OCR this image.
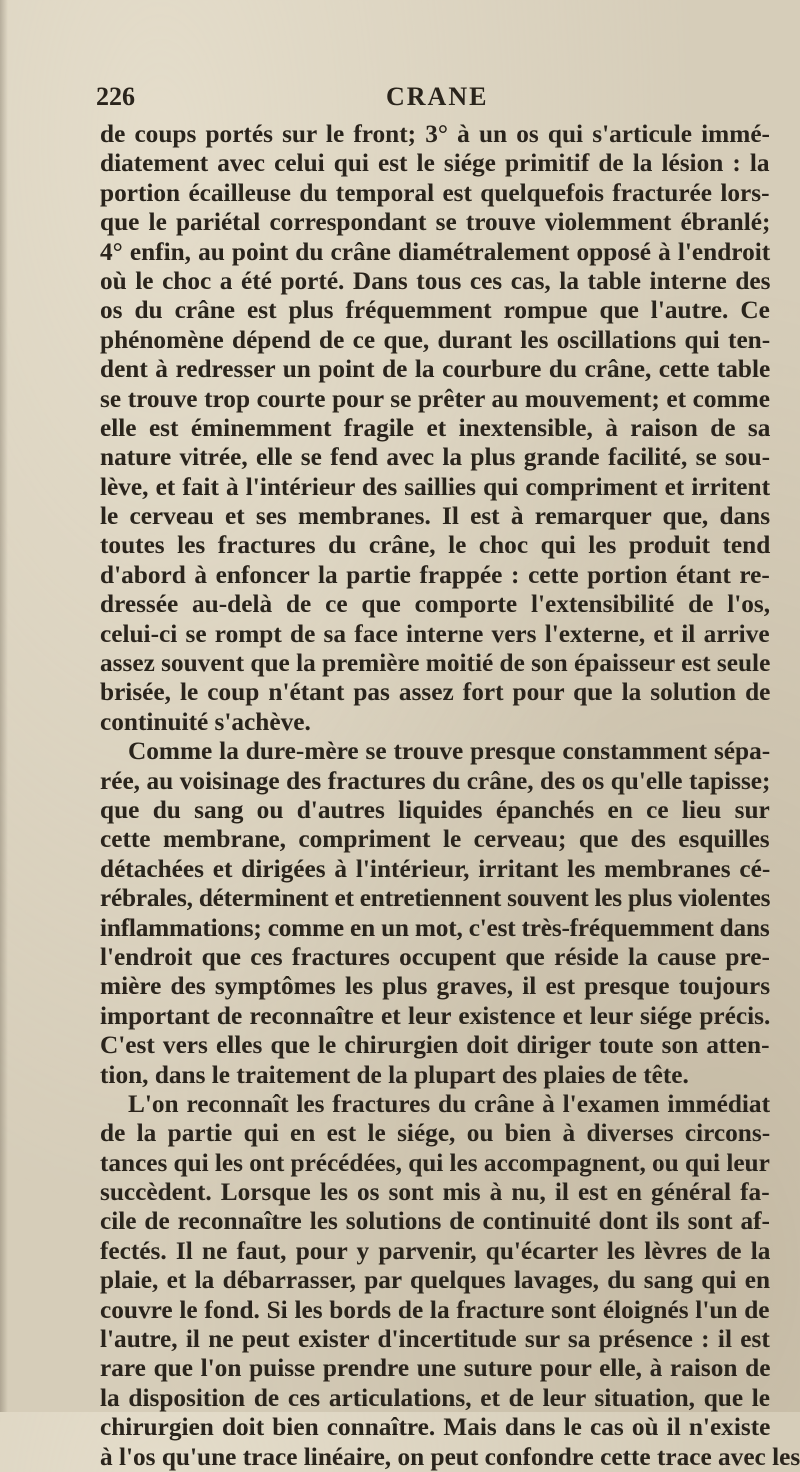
226	CRANE
de coups portés sur le front; 3° à un os qui s'articule immé-
diatement avec celui qui est le siége primitif de la lésion : la
portion écailleuse du temporal est quelquefois fracturée lors-
que le pariétal correspondant se trouve violemment ébranlé;
4° enfin, au point du crâne diamétralement opposé à l'endroit
où le choc a été porté. Dans tous ces cas, la table interne des
os du crâne est plus fréquemment rompue que l'autre. Ce
phénomène dépend de ce que, durant les oscillations qui ten-
dent à redresser un point de la courbure du crâne, cette table
se trouve trop courte pour se prêter au mouvement; et comme
elle est éminemment fragile et inextensible, à raison de sa
nature vitrée, elle se fend avec la plus grande facilité, se sou-
lève, et fait à l'intérieur des saillies qui compriment et irritent
le cerveau et ses membranes. Il est à remarquer que, dans
toutes les fractures du crâne, le choc qui les produit tend
d'abord à enfoncer la partie frappée : cette portion étant re-
dressée au-delà de ce que comporte l'extensibilité de l'os,
celui-ci se rompt de sa face interne vers l'externe, et il arrive
assez souvent que la première moitié de son épaisseur est seule
brisée, le coup n'étant pas assez fort pour que la solution de
continuité s'achève.
Comme la dure-mère se trouve presque constamment sépa-
rée, au voisinage des fractures du crâne, des os qu'elle tapisse;
que du sang ou d'autres liquides épanchés en ce lieu sur
cette membrane, compriment le cerveau; que des esquilles
détachées et dirigées à l'intérieur, irritant les membranes cé-
rébrales, déterminent et entretiennent souvent les plus violentes
inflammations; comme en un mot, c'est très-fréquemment dans
l'endroit que ces fractures occupent que réside la cause pre-
mière des symptômes les plus graves, il est presque toujours
important de reconnaître et leur existence et leur siége précis.
C'est vers elles que le chirurgien doit diriger toute son atten-
tion, dans le traitement de la plupart des plaies de tête.
L'on reconnaît les fractures du crâne à l'examen immédiat
de la partie qui en est le siége, ou bien à diverses circons-
tances qui les ont précédées, qui les accompagnent, ou qui leur
succèdent. Lorsque les os sont mis à nu, il est en général fa-
cile de reconnaître les solutions de continuité dont ils sont af-
fectés. Il ne faut, pour y parvenir, qu'écarter les lèvres de la
plaie, et la débarrasser, par quelques lavages, du sang qui en
couvre le fond. Si les bords de la fracture sont éloignés l'un de
l'autre, il ne peut exister d'incertitude sur sa présence : il est
rare que l'on puisse prendre une suture pour elle, à raison de
la disposition de ces articulations, et de leur situation, que le
chirurgien doit bien connaître. Mais dans le cas où il n'existe
à l'os qu'une trace linéaire, on peut confondre cette trace avec les
